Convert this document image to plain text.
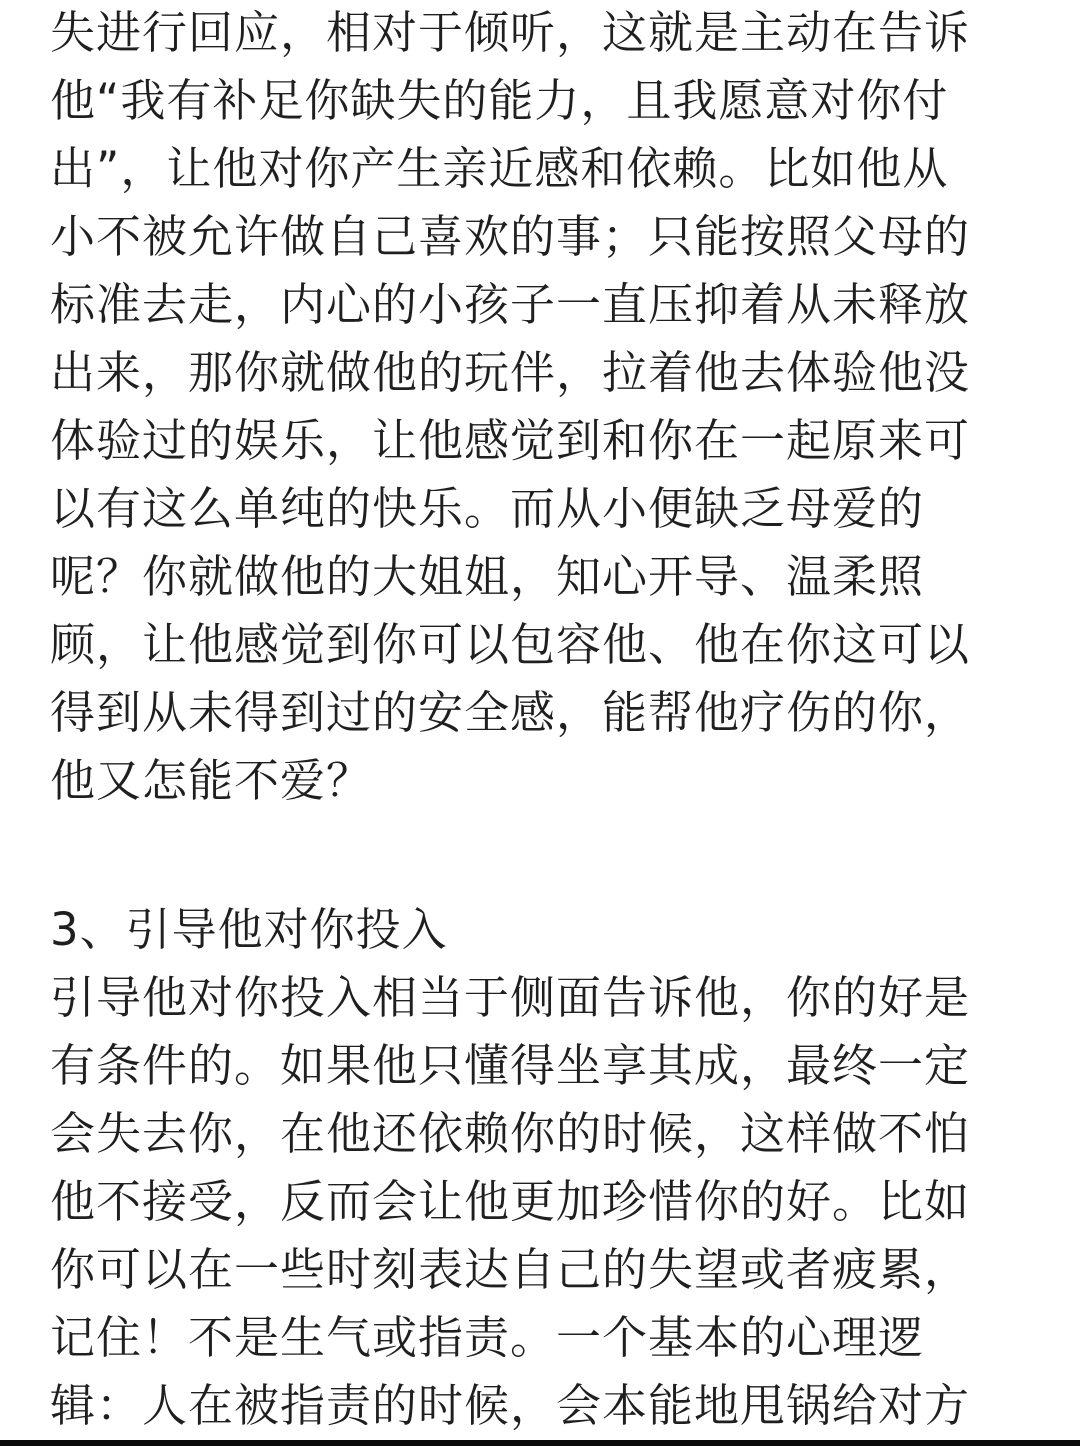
失进行回应，相对于倾听，这就是主动在告诉
他“我有补足你缺失的能力，且我愿意对你付
出”，让他对你产生亲近感和依赖。比如他从
小不被允许做自己喜欢的事；只能按照父母的
标准去走，内心的小孩子一直压抑着从未释放
出来，那你就做他的玩伴，拉着他去体验他没
体验过的娱乐，让他感觉到和你在一起原来可
以有这么单纯的快乐。而从小便缺乏母爱的
呢？你就做他的大姐姐，知心开导、温柔照
顾，让他感觉到你可以包容他、他在你这可以
得到从未得到过的安全感，能帮他疗伤的你，
他又怎能不爱？
3、引导他对你投入
引导他对你投入相当于侧面告诉他，你的好是
有条件的。如果他只懂得坐享其成，最终一定
会失去你，在他还依赖你的时候，这样做不怕
他不接受，反而会让他更加珍惜你的好。比如
你可以在一些时刻表达自己的失望或者疲累，
记住！不是生气或指责。一个基本的心理逻
辑：人在被指责的时候，会本能地甩锅给对方
